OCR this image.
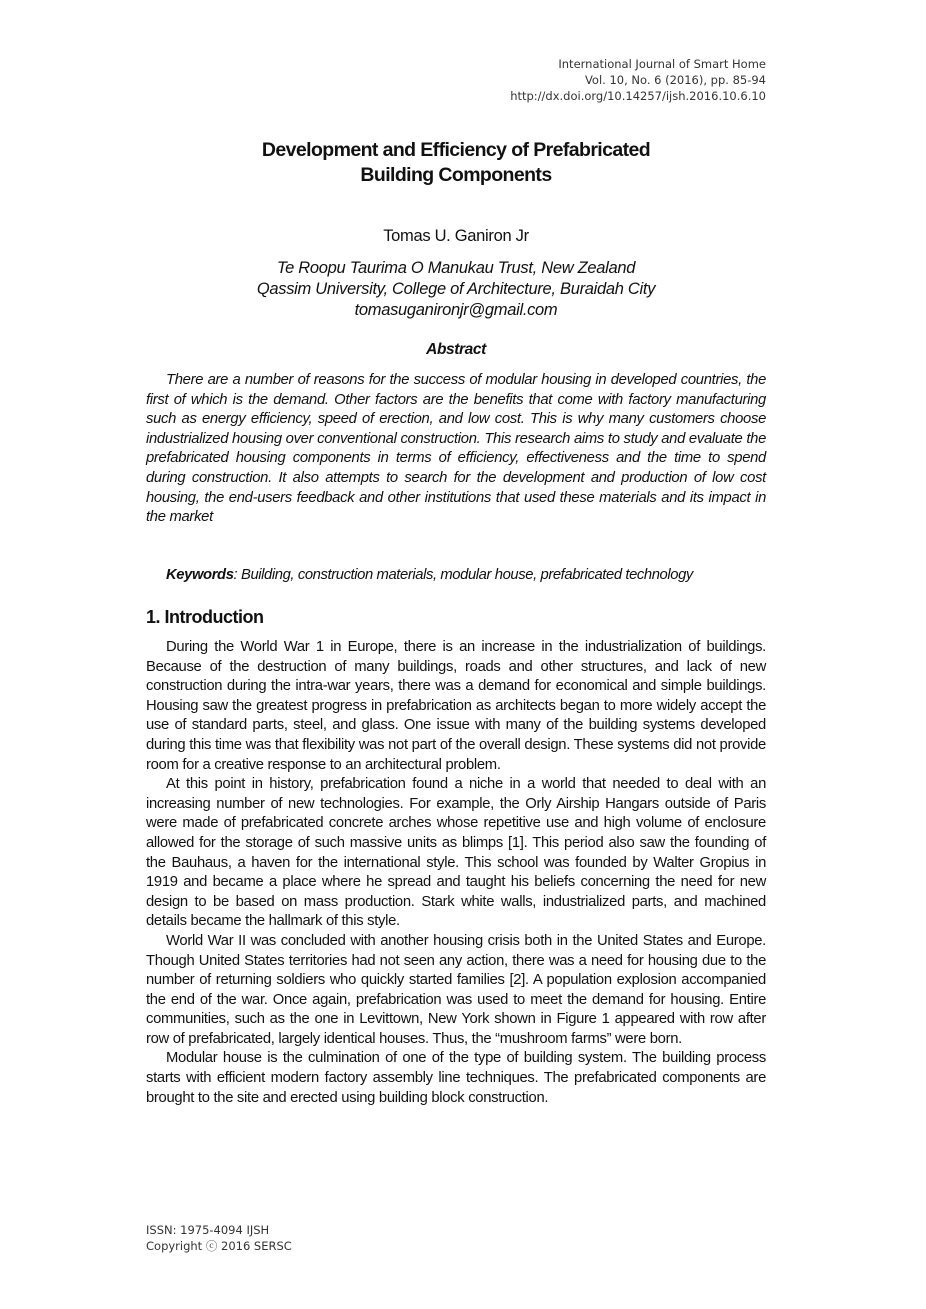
International Journal of Smart Home
Vol. 10, No. 6 (2016), pp. 85-94
http://dx.doi.org/10.14257/ijsh.2016.10.6.10
Development and Efficiency of Prefabricated
Building Components
Tomas U. Ganiron Jr
Te Roopu Taurima O Manukau Trust, New Zealand
Qassim University, College of Architecture, Buraidah City
tomasuganironjr@gmail.com
Abstract
There are a number of reasons for the success of modular housing in developed countries, the first of which is the demand. Other factors are the benefits that come with factory manufacturing such as energy efficiency, speed of erection, and low cost. This is why many customers choose industrialized housing over conventional construction. This research aims to study and evaluate the prefabricated housing components in terms of efficiency, effectiveness and the time to spend during construction. It also attempts to search for the development and production of low cost housing, the end-users feedback and other institutions that used these materials and its impact in the market
Keywords: Building, construction materials, modular house, prefabricated technology
1. Introduction

During the World War 1 in Europe, there is an increase in the industrialization of buildings. Because of the destruction of many buildings, roads and other structures, and lack of new construction during the intra-war years, there was a demand for economical and simple buildings. Housing saw the greatest progress in prefabrication as architects began to more widely accept the use of standard parts, steel, and glass. One issue with many of the building systems developed during this time was that flexibility was not part of the overall design. These systems did not provide room for a creative response to an architectural problem.

At this point in history, prefabrication found a niche in a world that needed to deal with an increasing number of new technologies. For example, the Orly Airship Hangars outside of Paris were made of prefabricated concrete arches whose repetitive use and high volume of enclosure allowed for the storage of such massive units as blimps [1]. This period also saw the founding of the Bauhaus, a haven for the international style. This school was founded by Walter Gropius in 1919 and became a place where he spread and taught his beliefs concerning the need for new design to be based on mass production. Stark white walls, industrialized parts, and machined details became the hallmark of this style.

World War II was concluded with another housing crisis both in the United States and Europe. Though United States territories had not seen any action, there was a need for housing due to the number of returning soldiers who quickly started families [2]. A population explosion accompanied the end of the war. Once again, prefabrication was used to meet the demand for housing. Entire communities, such as the one in Levittown, New York shown in Figure 1 appeared with row after row of prefabricated, largely identical houses. Thus, the “mushroom farms” were born.

Modular house is the culmination of one of the type of building system. The building process starts with efficient modern factory assembly line techniques. The prefabricated components are brought to the site and erected using building block construction.

ISSN: 1975-4094 IJSH
Copyright ⓒ 2016 SERSC
